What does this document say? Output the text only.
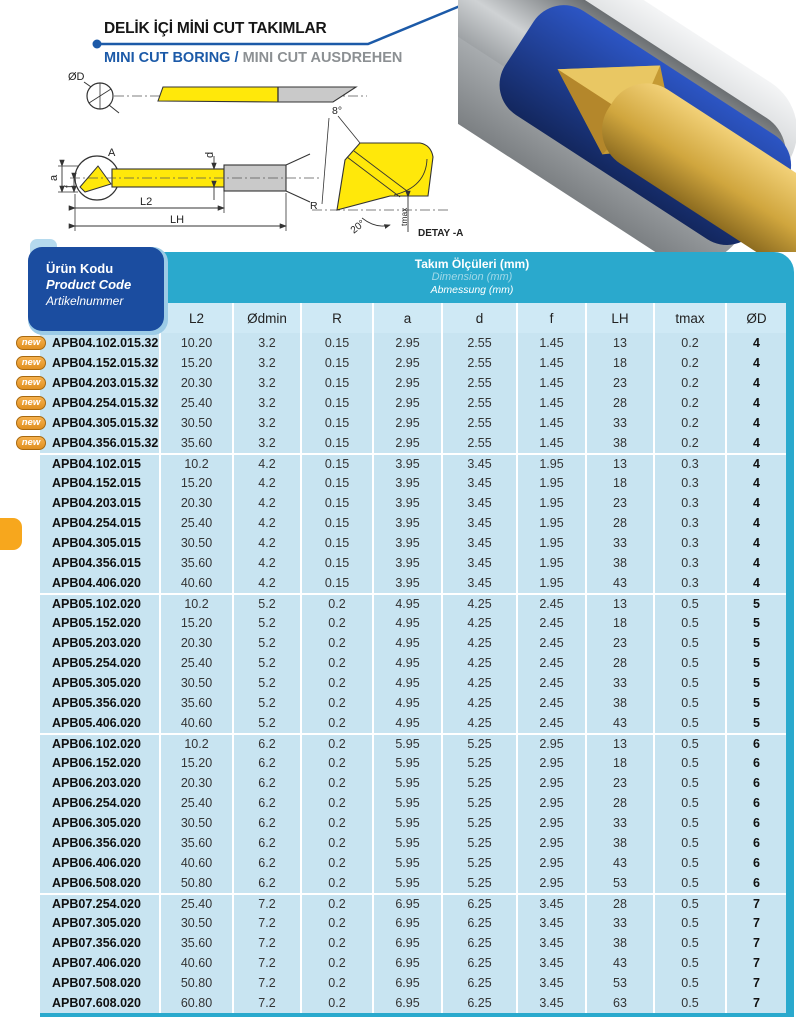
DELİK İÇİ MİNİ CUT TAKIMLAR
MINI CUT BORING / MINI CUT AUSDREHEN
ØD
A
a
f
d
L2
LH
8°
R
20°
tmax
DETAY -A
Ürün Kodu
Product Code
Artikelnummer
Takım Ölçüleri (mm)
Dimension (mm)
Abmessung (mm)
L2	Ødmin	R	a	d	f	LH	tmax	ØD
new APB04.102.015.32	10.20	3.2	0.15	2.95	2.55	1.45	13	0.2	4
new APB04.152.015.32	15.20	3.2	0.15	2.95	2.55	1.45	18	0.2	4
new APB04.203.015.32	20.30	3.2	0.15	2.95	2.55	1.45	23	0.2	4
new APB04.254.015.32	25.40	3.2	0.15	2.95	2.55	1.45	28	0.2	4
new APB04.305.015.32	30.50	3.2	0.15	2.95	2.55	1.45	33	0.2	4
new APB04.356.015.32	35.60	3.2	0.15	2.95	2.55	1.45	38	0.2	4
APB04.102.015	10.2	4.2	0.15	3.95	3.45	1.95	13	0.3	4
APB04.152.015	15.20	4.2	0.15	3.95	3.45	1.95	18	0.3	4
APB04.203.015	20.30	4.2	0.15	3.95	3.45	1.95	23	0.3	4
APB04.254.015	25.40	4.2	0.15	3.95	3.45	1.95	28	0.3	4
APB04.305.015	30.50	4.2	0.15	3.95	3.45	1.95	33	0.3	4
APB04.356.015	35.60	4.2	0.15	3.95	3.45	1.95	38	0.3	4
APB04.406.020	40.60	4.2	0.15	3.95	3.45	1.95	43	0.3	4
APB05.102.020	10.2	5.2	0.2	4.95	4.25	2.45	13	0.5	5
APB05.152.020	15.20	5.2	0.2	4.95	4.25	2.45	18	0.5	5
APB05.203.020	20.30	5.2	0.2	4.95	4.25	2.45	23	0.5	5
APB05.254.020	25.40	5.2	0.2	4.95	4.25	2.45	28	0.5	5
APB05.305.020	30.50	5.2	0.2	4.95	4.25	2.45	33	0.5	5
APB05.356.020	35.60	5.2	0.2	4.95	4.25	2.45	38	0.5	5
APB05.406.020	40.60	5.2	0.2	4.95	4.25	2.45	43	0.5	5
APB06.102.020	10.2	6.2	0.2	5.95	5.25	2.95	13	0.5	6
APB06.152.020	15.20	6.2	0.2	5.95	5.25	2.95	18	0.5	6
APB06.203.020	20.30	6.2	0.2	5.95	5.25	2.95	23	0.5	6
APB06.254.020	25.40	6.2	0.2	5.95	5.25	2.95	28	0.5	6
APB06.305.020	30.50	6.2	0.2	5.95	5.25	2.95	33	0.5	6
APB06.356.020	35.60	6.2	0.2	5.95	5.25	2.95	38	0.5	6
APB06.406.020	40.60	6.2	0.2	5.95	5.25	2.95	43	0.5	6
APB06.508.020	50.80	6.2	0.2	5.95	5.25	2.95	53	0.5	6
APB07.254.020	25.40	7.2	0.2	6.95	6.25	3.45	28	0.5	7
APB07.305.020	30.50	7.2	0.2	6.95	6.25	3.45	33	0.5	7
APB07.356.020	35.60	7.2	0.2	6.95	6.25	3.45	38	0.5	7
APB07.406.020	40.60	7.2	0.2	6.95	6.25	3.45	43	0.5	7
APB07.508.020	50.80	7.2	0.2	6.95	6.25	3.45	53	0.5	7
APB07.608.020	60.80	7.2	0.2	6.95	6.25	3.45	63	0.5	7
